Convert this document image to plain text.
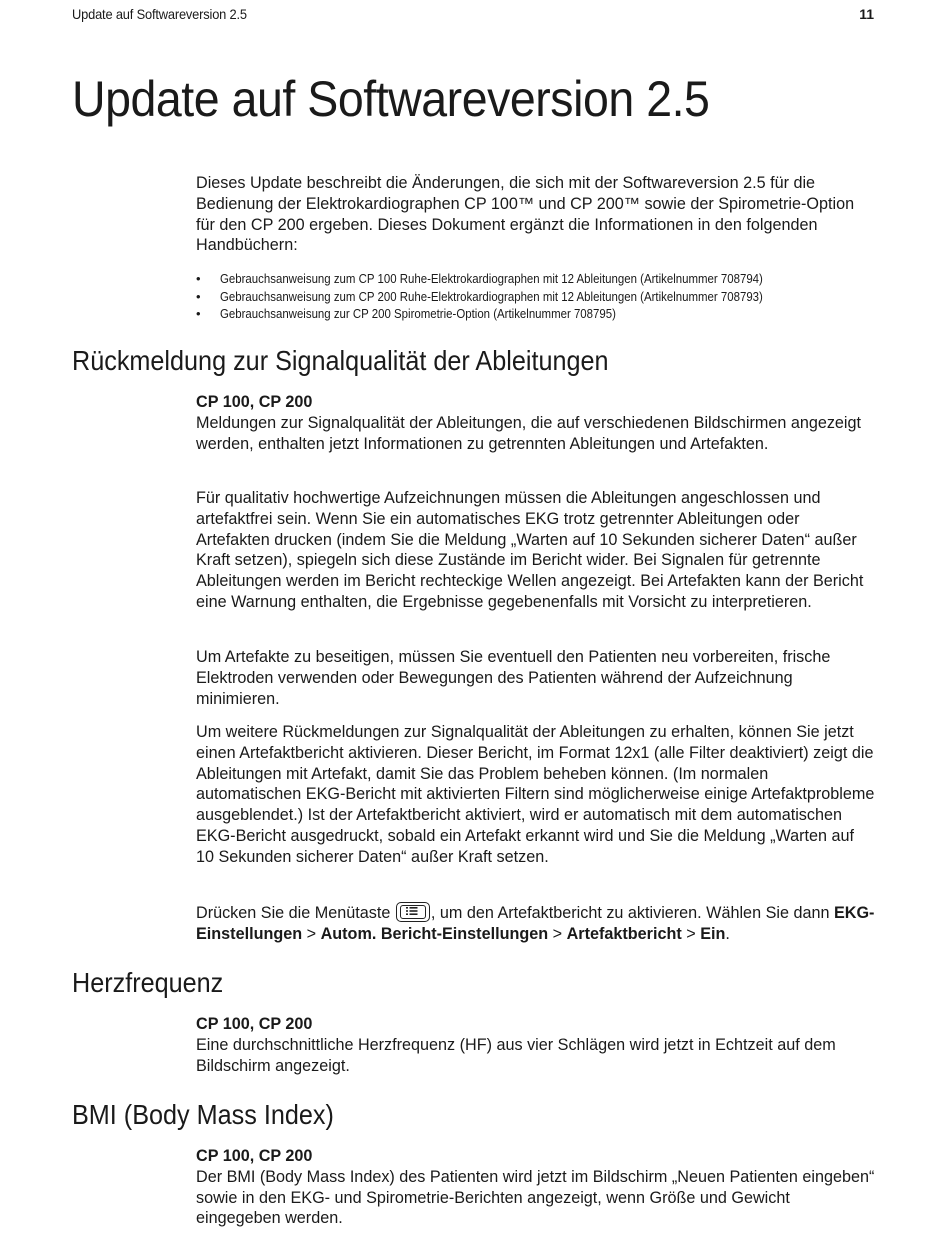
Update auf Softwareversion 2.5	11
Update auf Softwareversion 2.5

Dieses Update beschreibt die Änderungen, die sich mit der Softwareversion 2.5 für die Bedienung der Elektrokardiographen CP 100™ und CP 200™ sowie der Spirometrie-Option für den CP 200 ergeben. Dieses Dokument ergänzt die Informationen in den folgenden Handbüchern:

• Gebrauchsanweisung zum CP 100 Ruhe-Elektrokardiographen mit 12 Ableitungen (Artikelnummer 708794)
• Gebrauchsanweisung zum CP 200 Ruhe-Elektrokardiographen mit 12 Ableitungen (Artikelnummer 708793)
• Gebrauchsanweisung zur CP 200 Spirometrie-Option (Artikelnummer 708795)
Rückmeldung zur Signalqualität der Ableitungen

CP 100, CP 200

Meldungen zur Signalqualität der Ableitungen, die auf verschiedenen Bildschirmen angezeigt werden, enthalten jetzt Informationen zu getrennten Ableitungen und Artefakten.

Für qualitativ hochwertige Aufzeichnungen müssen die Ableitungen angeschlossen und artefaktfrei sein. Wenn Sie ein automatisches EKG trotz getrennter Ableitungen oder Artefakten drucken (indem Sie die Meldung „Warten auf 10 Sekunden sicherer Daten“ außer Kraft setzen), spiegeln sich diese Zustände im Bericht wider. Bei Signalen für getrennte Ableitungen werden im Bericht rechteckige Wellen angezeigt. Bei Artefakten kann der Bericht eine Warnung enthalten, die Ergebnisse gegebenenfalls mit Vorsicht zu interpretieren.

Um Artefakte zu beseitigen, müssen Sie eventuell den Patienten neu vorbereiten, frische Elektroden verwenden oder Bewegungen des Patienten während der Aufzeichnung minimieren.

Um weitere Rückmeldungen zur Signalqualität der Ableitungen zu erhalten, können Sie jetzt einen Artefaktbericht aktivieren. Dieser Bericht, im Format 12x1 (alle Filter deaktiviert) zeigt die Ableitungen mit Artefakt, damit Sie das Problem beheben können. (Im normalen automatischen EKG-Bericht mit aktivierten Filtern sind möglicherweise einige Artefaktprobleme ausgeblendet.) Ist der Artefaktbericht aktiviert, wird er automatisch mit dem automatischen EKG-Bericht ausgedruckt, sobald ein Artefakt erkannt wird und Sie die Meldung „Warten auf 10 Sekunden sicherer Daten“ außer Kraft setzen.

Drücken Sie die Menütaste	, um den Artefaktbericht zu aktivieren. Wählen Sie dann EKG-Einstellungen > Autom. Bericht-Einstellungen > Artefaktbericht > Ein.

Herzfrequenz

CP 100, CP 200

Eine durchschnittliche Herzfrequenz (HF) aus vier Schlägen wird jetzt in Echtzeit auf dem Bildschirm angezeigt.

BMI (Body Mass Index)

CP 100, CP 200

Der BMI (Body Mass Index) des Patienten wird jetzt im Bildschirm „Neuen Patienten eingeben“ sowie in den EKG- und Spirometrie-Berichten angezeigt, wenn Größe und Gewicht eingegeben werden.
